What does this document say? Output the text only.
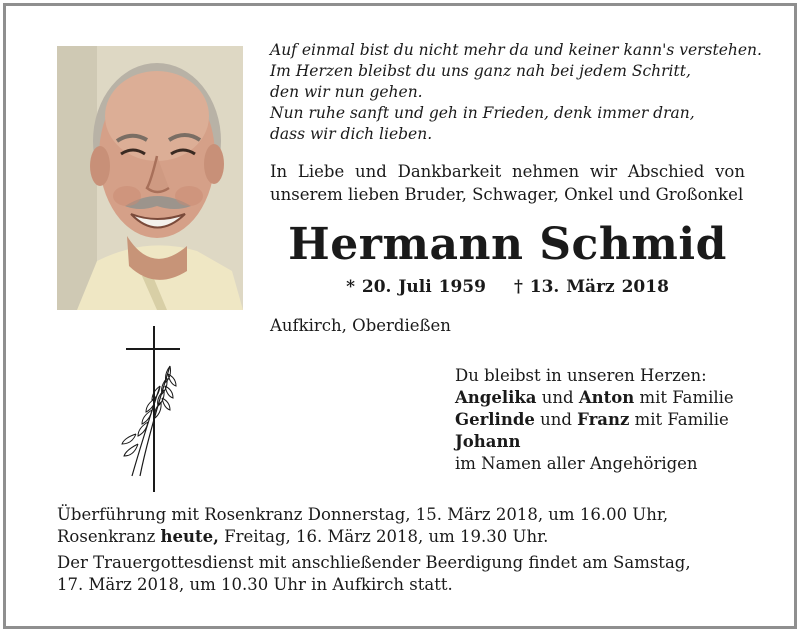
Auf einmal bist du nicht mehr da und keiner kann's verstehen.
Im Herzen bleibst du uns ganz nah bei jedem Schritt,
den wir nun gehen.
Nun ruhe sanft und geh in Frieden, denk immer dran,
dass wir dich lieben.
In Liebe und Dankbarkeit nehmen wir Abschied von unserem lieben Bruder, Schwager, Onkel und Großonkel
Hermann Schmid
* 20. Juli 1959 † 13. März 2018
Aufkirch, Oberdießen
Du bleibst in unseren Herzen:
Angelika und Anton mit Familie
Gerlinde und Franz mit Familie
Johann
im Namen aller Angehörigen
Überführung mit Rosenkranz Donnerstag, 15. März 2018, um 16.00 Uhr,
Rosenkranz heute, Freitag, 16. März 2018, um 19.30 Uhr.
Der Trauergottesdienst mit anschließender Beerdigung findet am Samstag,
17. März 2018, um 10.30 Uhr in Aufkirch statt.
